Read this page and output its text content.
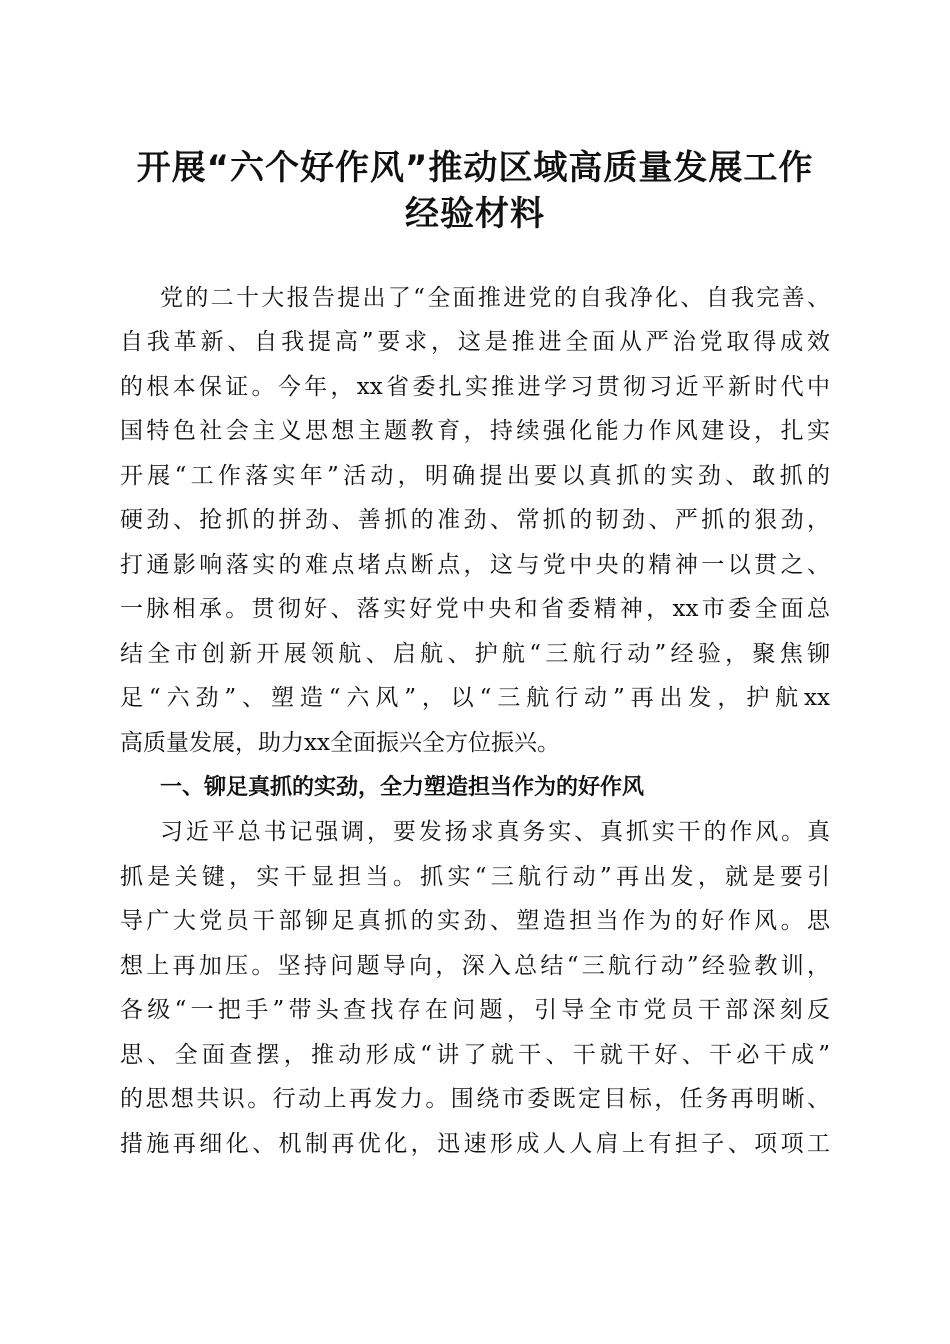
开展“六个好作风”推动区域高质量发展工作
经验材料
党的二十大报告提出了“全面推进党的自我净化、自我完善、
自我革新、自我提高”要求，这是推进全面从严治党取得成效
的根本保证。今年，xx省委扎实推进学习贯彻习近平新时代中
国特色社会主义思想主题教育，持续强化能力作风建设，扎实
开展“工作落实年”活动，明确提出要以真抓的实劲、敢抓的
硬劲、抢抓的拼劲、善抓的准劲、常抓的韧劲、严抓的狠劲，
打通影响落实的难点堵点断点，这与党中央的精神一以贯之、
一脉相承。贯彻好、落实好党中央和省委精神，xx市委全面总
结全市创新开展领航、启航、护航“三航行动”经验，聚焦铆
足“六劲”、塑造“六风”，以“三航行动”再出发，护航xx
高质量发展，助力xx全面振兴全方位振兴。
一、铆足真抓的实劲，全力塑造担当作为的好作风
习近平总书记强调，要发扬求真务实、真抓实干的作风。真
抓是关键，实干显担当。抓实“三航行动”再出发，就是要引
导广大党员干部铆足真抓的实劲、塑造担当作为的好作风。思
想上再加压。坚持问题导向，深入总结“三航行动”经验教训，
各级“一把手”带头查找存在问题，引导全市党员干部深刻反
思、全面查摆，推动形成“讲了就干、干就干好、干必干成”
的思想共识。行动上再发力。围绕市委既定目标，任务再明晰、
措施再细化、机制再优化，迅速形成人人肩上有担子、项项工
